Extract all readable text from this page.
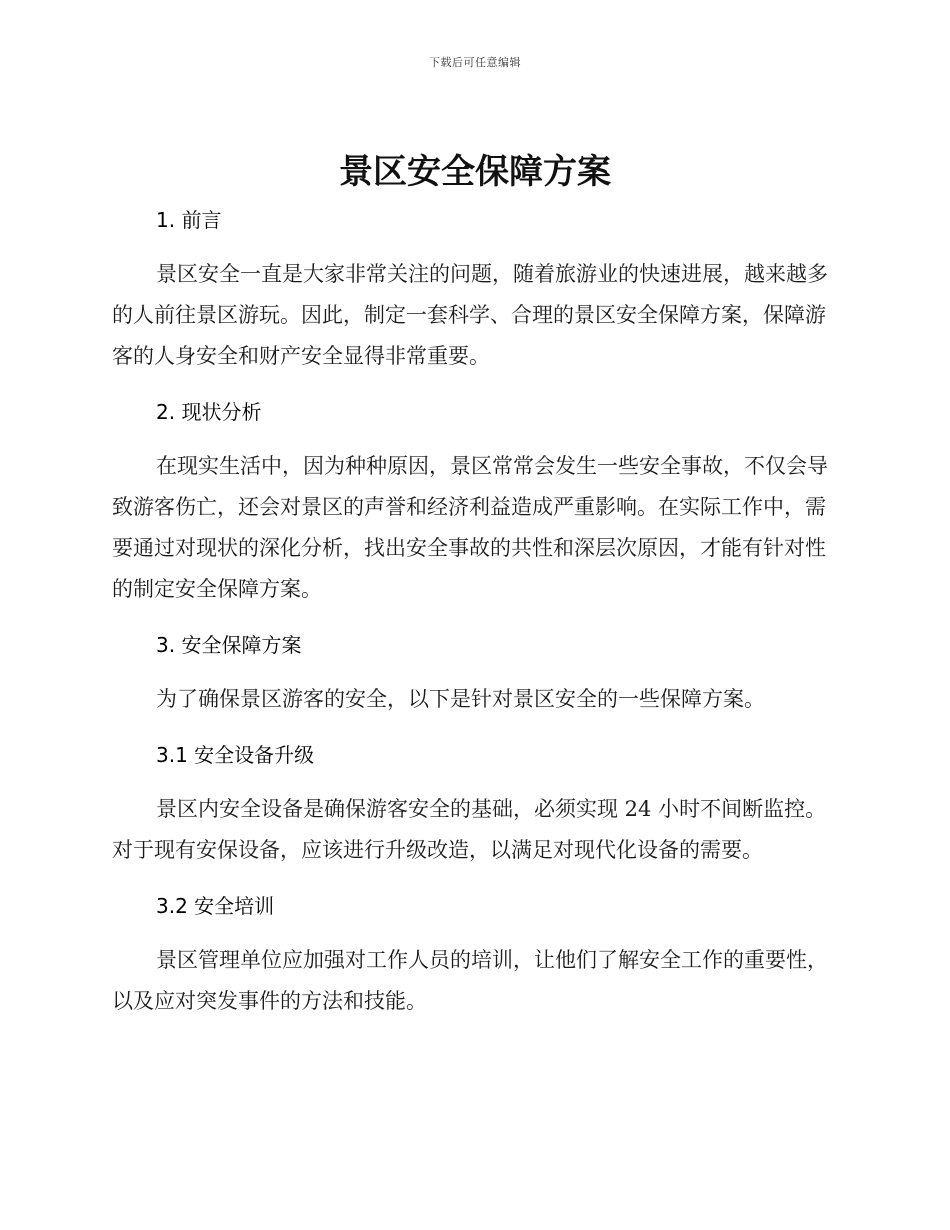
下载后可任意编辑
景区安全保障方案
1. 前言

景区安全一直是大家非常关注的问题，随着旅游业的快速进展，越来越多的人前往景区游玩。因此，制定一套科学、合理的景区安全保障方案，保障游客的人身安全和财产安全显得非常重要。

2. 现状分析

在现实生活中，因为种种原因，景区常常会发生一些安全事故，不仅会导致游客伤亡，还会对景区的声誉和经济利益造成严重影响。在实际工作中，需要通过对现状的深化分析，找出安全事故的共性和深层次原因，才能有针对性的制定安全保障方案。

3. 安全保障方案

为了确保景区游客的安全，以下是针对景区安全的一些保障方案。

3.1 安全设备升级

景区内安全设备是确保游客安全的基础，必须实现 24 小时不间断监控。对于现有安保设备，应该进行升级改造，以满足对现代化设备的需要。

3.2 安全培训

景区管理单位应加强对工作人员的培训，让他们了解安全工作的重要性，以及应对突发事件的方法和技能。
